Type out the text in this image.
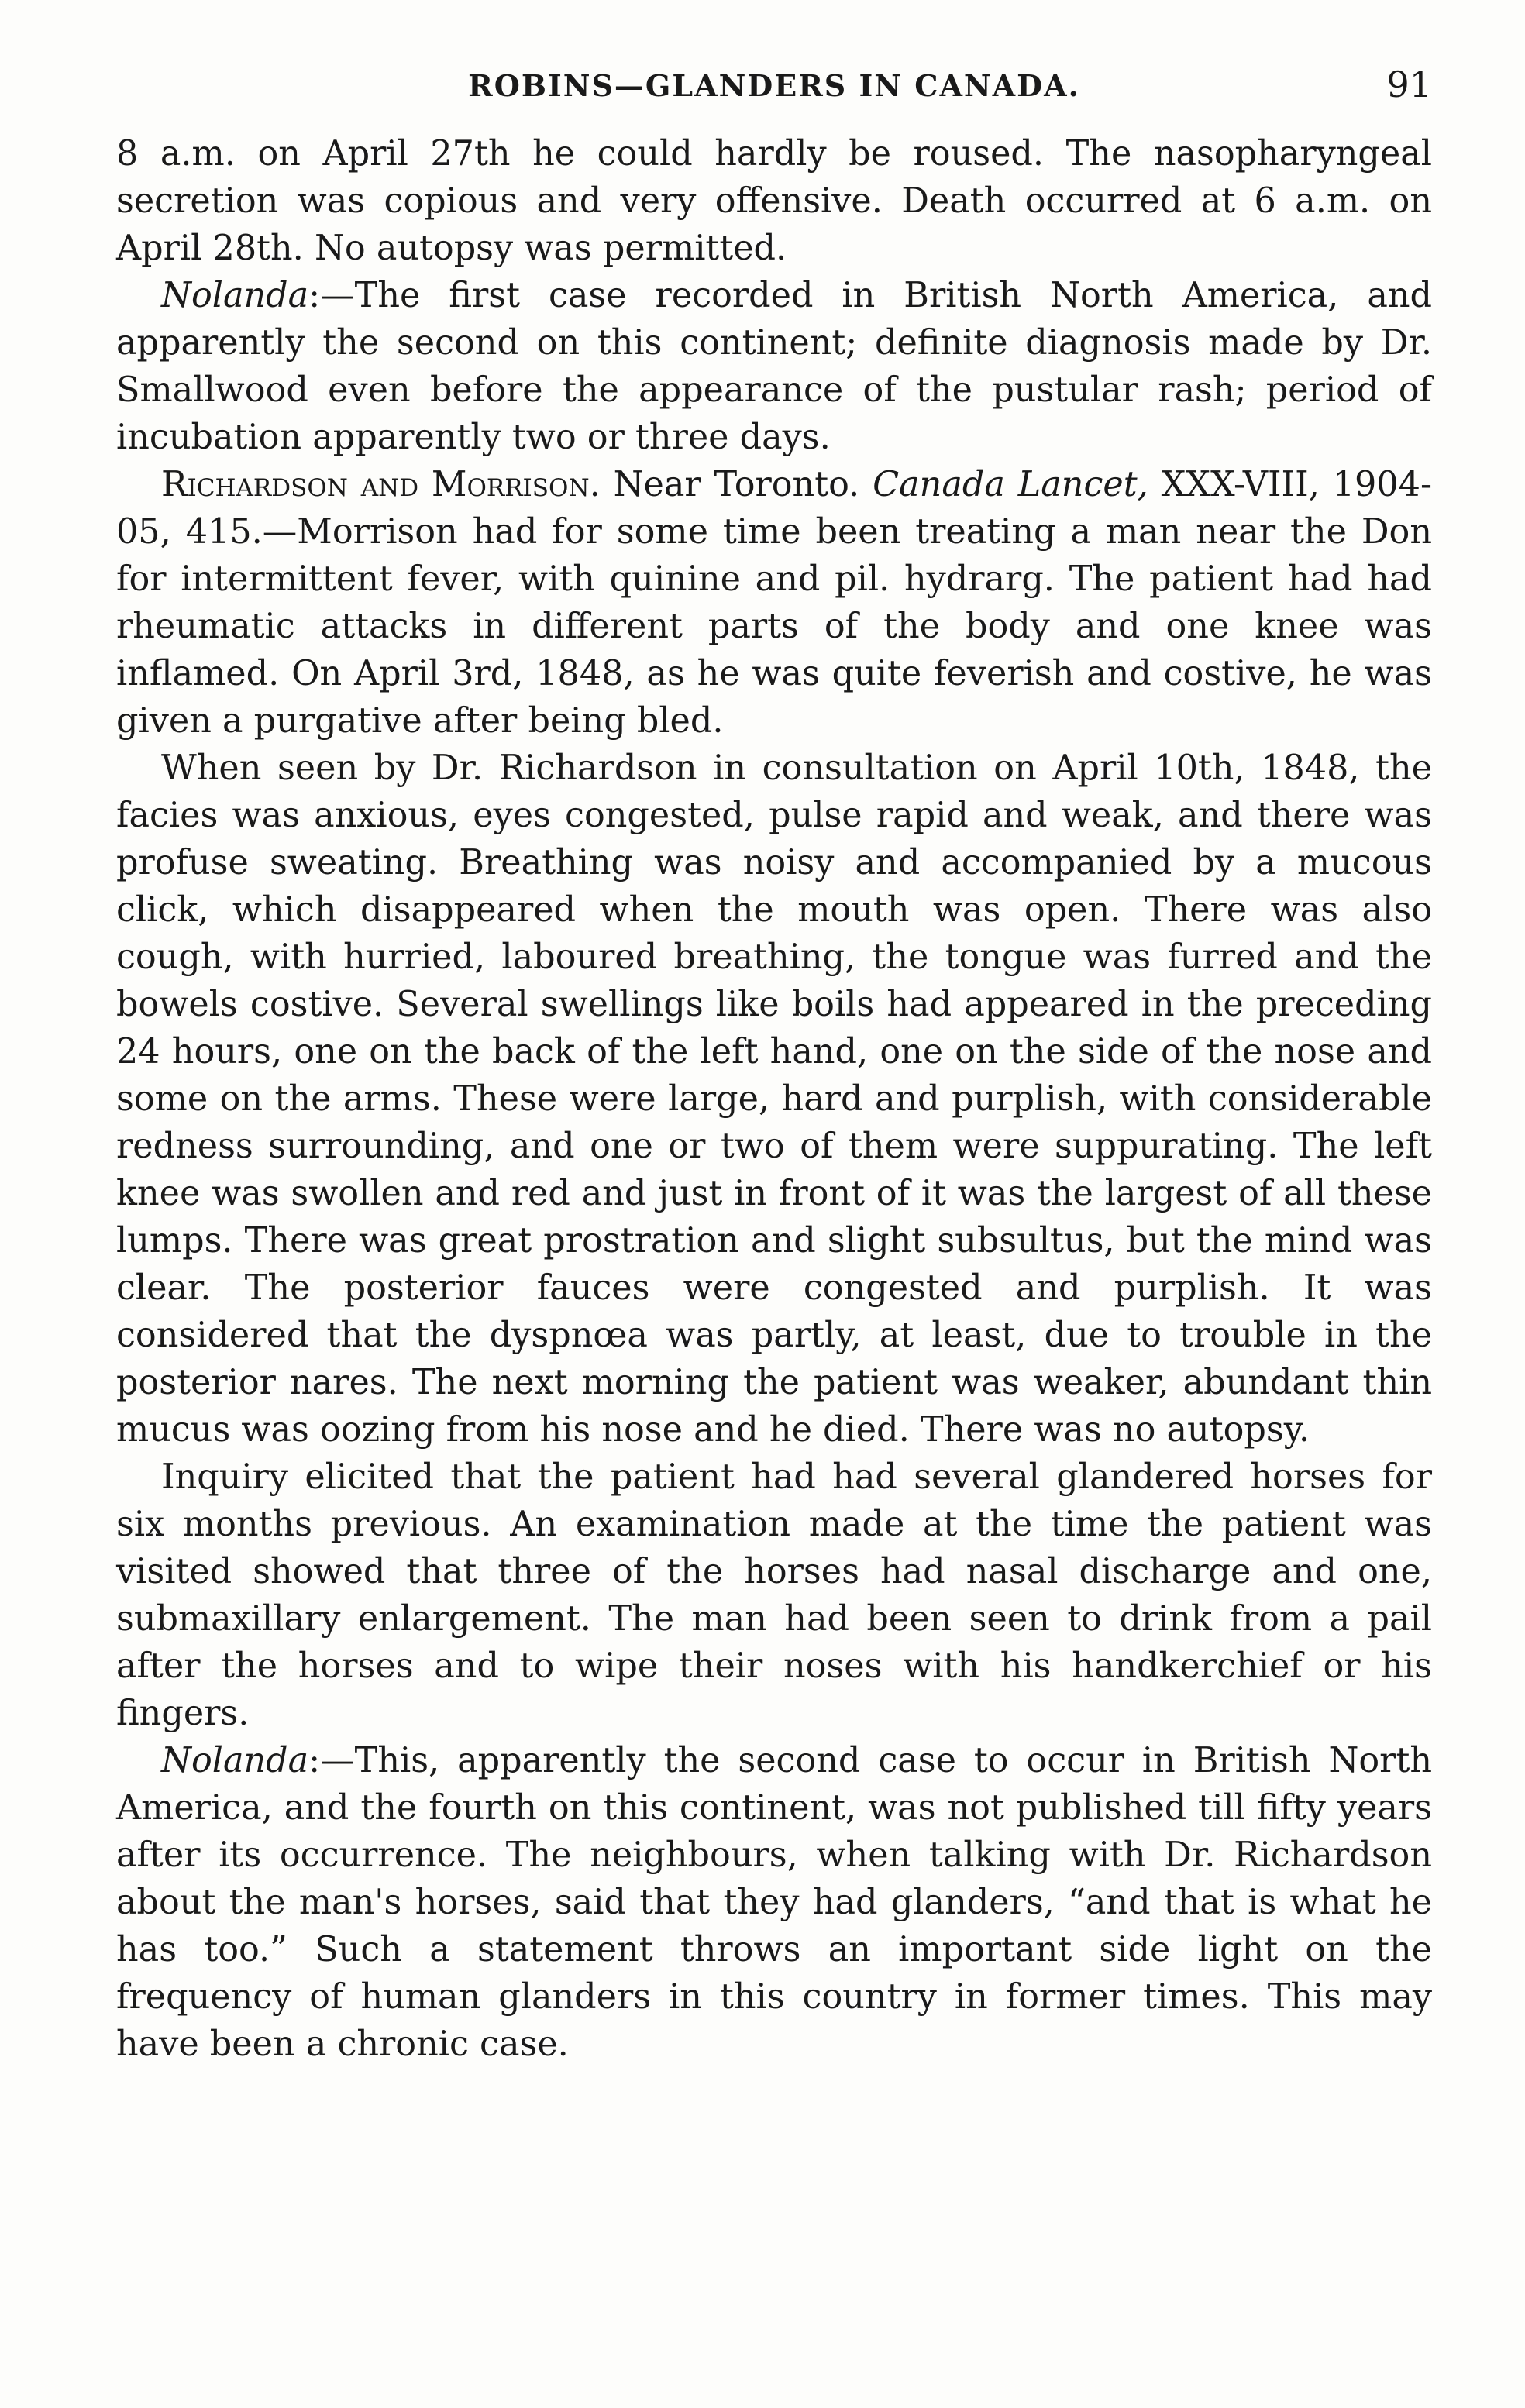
ROBINS—GLANDERS IN CANADA.	91

8 a.m. on April 27th he could hardly be roused. The nasopharyngeal secretion was copious and very offensive. Death occurred at 6 a.m. on April 28th. No autopsy was permitted.

Nolanda:—The first case recorded in British North America, and apparently the second on this continent; definite diagnosis made by Dr. Smallwood even before the appearance of the pustular rash; period of incubation apparently two or three days.

Richardson and Morrison. Near Toronto. Canada Lancet, XXX-VIII, 1904-05, 415.—Morrison had for some time been treating a man near the Don for intermittent fever, with quinine and pil. hydrarg. The patient had had rheumatic attacks in different parts of the body and one knee was inflamed. On April 3rd, 1848, as he was quite feverish and costive, he was given a purgative after being bled.

When seen by Dr. Richardson in consultation on April 10th, 1848, the facies was anxious, eyes congested, pulse rapid and weak, and there was profuse sweating. Breathing was noisy and accompanied by a mucous click, which disappeared when the mouth was open. There was also cough, with hurried, laboured breathing, the tongue was furred and the bowels costive. Several swellings like boils had appeared in the preceding 24 hours, one on the back of the left hand, one on the side of the nose and some on the arms. These were large, hard and purplish, with considerable redness surrounding, and one or two of them were suppurating. The left knee was swollen and red and just in front of it was the largest of all these lumps. There was great prostration and slight subsultus, but the mind was clear. The posterior fauces were congested and purplish. It was considered that the dyspnœa was partly, at least, due to trouble in the posterior nares. The next morning the patient was weaker, abundant thin mucus was oozing from his nose and he died. There was no autopsy.

Inquiry elicited that the patient had had several glandered horses for six months previous. An examination made at the time the patient was visited showed that three of the horses had nasal discharge and one, submaxillary enlargement. The man had been seen to drink from a pail after the horses and to wipe their noses with his handkerchief or his fingers.

Nolanda:—This, apparently the second case to occur in British North America, and the fourth on this continent, was not published till fifty years after its occurrence. The neighbours, when talking with Dr. Richardson about the man's horses, said that they had glanders, “and that is what he has too.” Such a statement throws an important side light on the frequency of human glanders in this country in former times. This may have been a chronic case.
